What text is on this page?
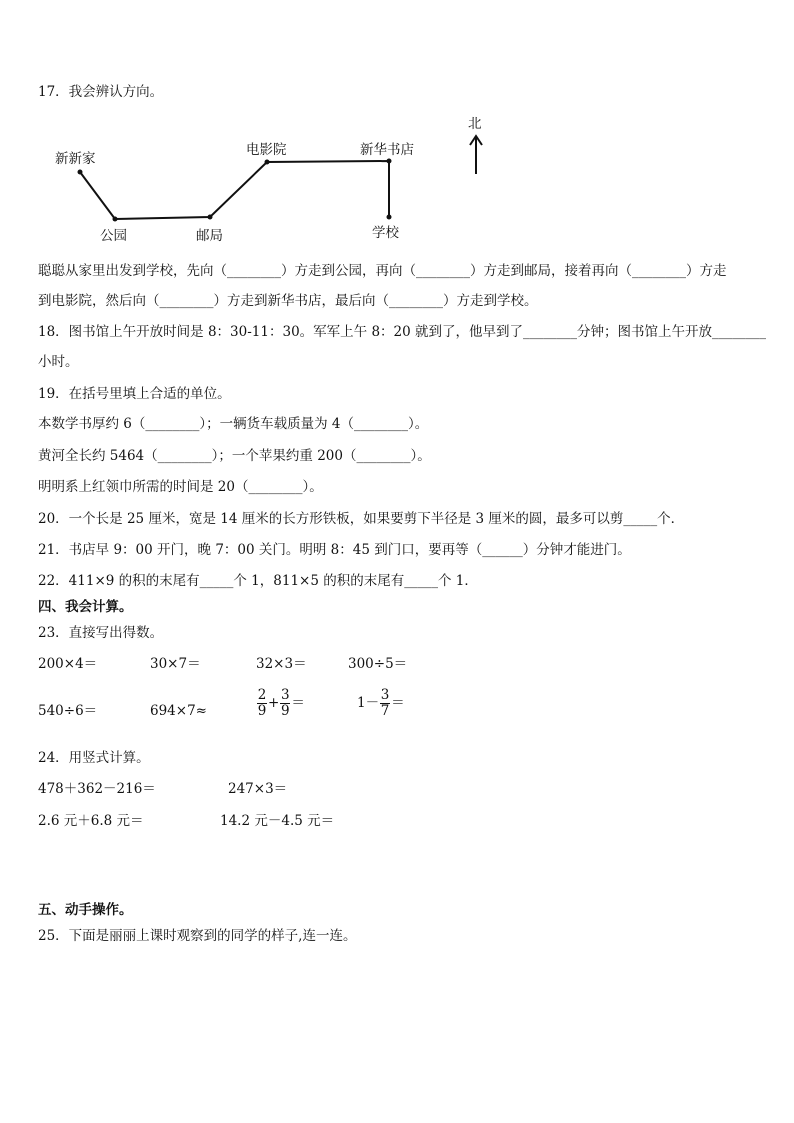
17．我会辨认方向。
新新家
公园	邮局
电影院	新华书店
学校
北
聪聪从家里出发到学校，先向（________）方走到公园，再向（________）方走到邮局，接着再向（________）方走
到电影院，然后向（________）方走到新华书店，最后向（________）方走到学校。
18．图书馆上午开放时间是 8：30-11：30。军军上午 8：20 就到了，他早到了________分钟；图书馆上午开放________
小时。
19．在括号里填上合适的单位。
本数学书厚约 6（________）；一辆货车载质量为 4（________）。
黄河全长约 5464（________）；一个苹果约重 200（________）。
明明系上红领巾所需的时间是 20（________）。
20．一个长是 25 厘米，宽是 14 厘米的长方形铁板，如果要剪下半径是 3 厘米的圆，最多可以剪_____个．
21．书店早 9：00 开门，晚 7：00 关门。明明 8：45 到门口，要再等（______）分钟才能进门。
22．411×9 的积的末尾有_____个 1，811×5 的积的末尾有_____个 1．
四、我会计算。
23．直接写出得数。
200×4＝	30×7＝	32×3＝	300÷5＝
540÷6＝	694×7≈	$\frac{2}{9} + \frac{3}{9}$ ＝	$1- \frac{3}{7}$ ＝
24．用竖式计算。
478＋362－216＝	247×3＝
2.6 元＋6.8 元＝	14.2 元－4.5 元＝
五、动手操作。
25．下面是丽丽上课时观察到的同学的样子,连一连。
